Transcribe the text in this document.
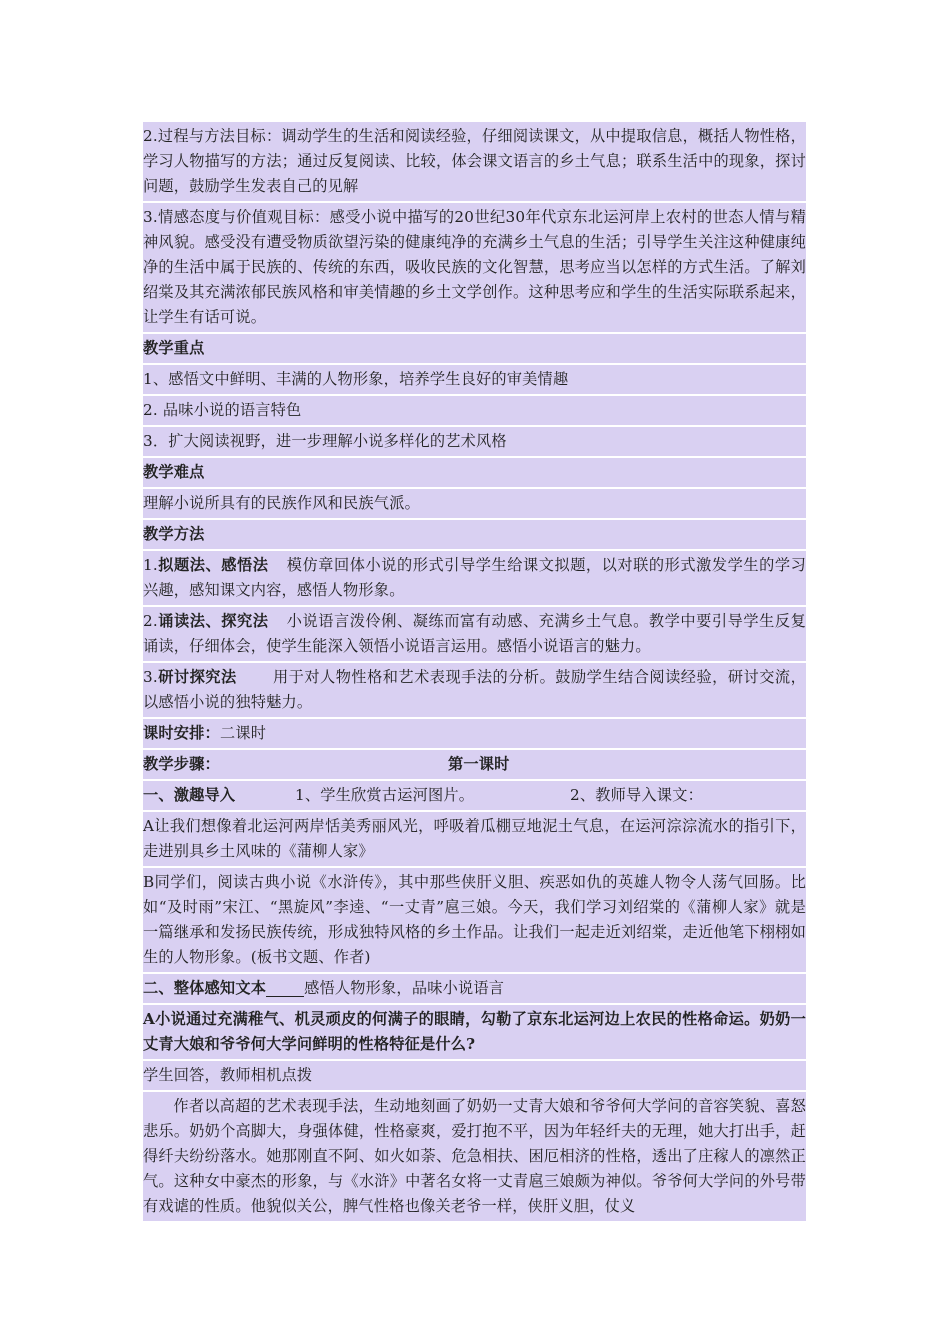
2.过程与方法目标：调动学生的生活和阅读经验，仔细阅读课文，从中提取信息，概括人物性格，学习人物描写的方法；通过反复阅读、比较，体会课文语言的乡土气息；联系生活中的现象，探讨问题，鼓励学生发表自己的见解
3.情感态度与价值观目标：感受小说中描写的20世纪30年代京东北运河岸上农村的世态人情与精神风貌。感受没有遭受物质欲望污染的健康纯净的充满乡土气息的生活；引导学生关注这种健康纯净的生活中属于民族的、传统的东西，吸收民族的文化智慧，思考应当以怎样的方式生活。了解刘绍棠及其充满浓郁民族风格和审美情趣的乡土文学创作。这种思考应和学生的生活实际联系起来，让学生有话可说。
教学重点
1、感悟文中鲜明、丰满的人物形象，培养学生良好的审美情趣
2. 品味小说的语言特色
3．扩大阅读视野，进一步理解小说多样化的艺术风格
教学难点
理解小说所具有的民族作风和民族气派。
教学方法
1.拟题法、感悟法 模仿章回体小说的形式引导学生给课文拟题，以对联的形式激发学生的学习兴趣，感知课文内容，感悟人物形象。
2.诵读法、探究法 小说语言泼伶俐、凝练而富有动感、充满乡土气息。教学中要引导学生反复诵读，仔细体会，使学生能深入领悟小说语言运用。感悟小说语言的魅力。
3.研讨探究法 用于对人物性格和艺术表现手法的分析。鼓励学生结合阅读经验，研讨交流，以感悟小说的独特魅力。
课时安排：二课时
教学步骤：	第一课时
一、激趣导入	1、学生欣赏古运河图片。	2、教师导入课文：
A让我们想像着北运河两岸恬美秀丽风光，呼吸着瓜棚豆地泥土气息，在运河淙淙流水的指引下，走进别具乡土风味的《蒲柳人家》
B同学们，阅读古典小说《水浒传》，其中那些侠肝义胆、疾恶如仇的英雄人物令人荡气回肠。比如“及时雨”宋江、“黑旋风”李逵、“一丈青”扈三娘。今天，我们学习刘绍棠的《蒲柳人家》就是一篇继承和发扬民族传统，形成独特风格的乡土作品。让我们一起走近刘绍棠，走近他笔下栩栩如生的人物形象。(板书文题、作者)
二、整体感知文本	感悟人物形象，品味小说语言
A小说通过充满稚气、机灵顽皮的何满子的眼睛，勾勒了京东北运河边上农民的性格命运。奶奶一丈青大娘和爷爷何大学问鲜明的性格特征是什么?
学生回答，教师相机点拨
作者以高超的艺术表现手法，生动地刻画了奶奶一丈青大娘和爷爷何大学问的音容笑貌、喜怒悲乐。奶奶个高脚大，身强体健，性格豪爽，爱打抱不平，因为年轻纤夫的无理，她大打出手，赶得纤夫纷纷落水。她那刚直不阿、如火如荼、危急相扶、困厄相济的性格，透出了庄稼人的凛然正气。这种女中豪杰的形象，与《水浒》中著名女将一丈青扈三娘颇为神似。爷爷何大学问的外号带有戏谑的性质。他貌似关公，脾气性格也像关老爷一样，侠肝义胆，仗义
